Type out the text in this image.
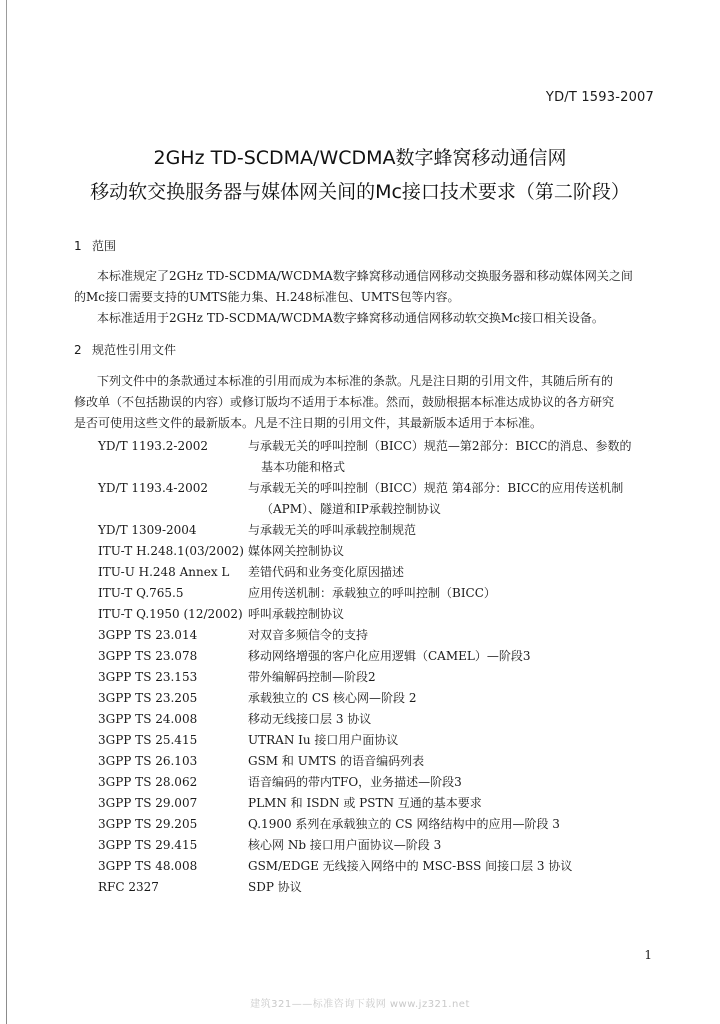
YD/T 1593-2007
2GHz TD-SCDMA/WCDMA数字蜂窝移动通信网
移动软交换服务器与媒体网关间的Mc接口技术要求（第二阶段）
1 范围
本标准规定了2GHz TD-SCDMA/WCDMA数字蜂窝移动通信网移动交换服务器和移动媒体网关之间
的Mc接口需要支持的UMTS能力集、H.248标准包、UMTS包等内容。
本标准适用于2GHz TD-SCDMA/WCDMA数字蜂窝移动通信网移动软交换Mc接口相关设备。
2 规范性引用文件
下列文件中的条款通过本标准的引用而成为本标准的条款。凡是注日期的引用文件，其随后所有的
修改单（不包括勘误的内容）或修订版均不适用于本标准。然而，鼓励根据本标准达成协议的各方研究
是否可使用这些文件的最新版本。凡是不注日期的引用文件，其最新版本适用于本标准。
YD/T 1193.2-2002	与承载无关的呼叫控制（BICC）规范—第2部分：BICC的消息、参数的
基本功能和格式
YD/T 1193.4-2002	与承载无关的呼叫控制（BICC）规范 第4部分：BICC的应用传送机制
（APM）、隧道和IP承载控制协议
YD/T 1309-2004	与承载无关的呼叫承载控制规范
ITU-T H.248.1(03/2002) 媒体网关控制协议
ITU-U H.248 Annex L	差错代码和业务变化原因描述
ITU-T Q.765.5	应用传送机制：承载独立的呼叫控制（BICC）
ITU-T Q.1950 (12/2002) 呼叫承载控制协议
3GPP TS 23.014	对双音多频信令的支持
3GPP TS 23.078	移动网络增强的客户化应用逻辑（CAMEL）—阶段3
3GPP TS 23.153	带外编解码控制—阶段2
3GPP TS 23.205	承载独立的 CS 核心网—阶段 2
3GPP TS 24.008	移动无线接口层 3 协议
3GPP TS 25.415	UTRAN Iu 接口用户面协议
3GPP TS 26.103	GSM 和 UMTS 的语音编码列表
3GPP TS 28.062	语音编码的带内TFO，业务描述—阶段3
3GPP TS 29.007	PLMN 和 ISDN 或 PSTN 互通的基本要求
3GPP TS 29.205	Q.1900 系列在承载独立的 CS 网络结构中的应用—阶段 3
3GPP TS 29.415	核心网 Nb 接口用户面协议—阶段 3
3GPP TS 48.008	GSM/EDGE 无线接入网络中的 MSC-BSS 间接口层 3 协议
RFC 2327	SDP 协议
1
建筑321——标准咨询下载网 www.jz321.net
